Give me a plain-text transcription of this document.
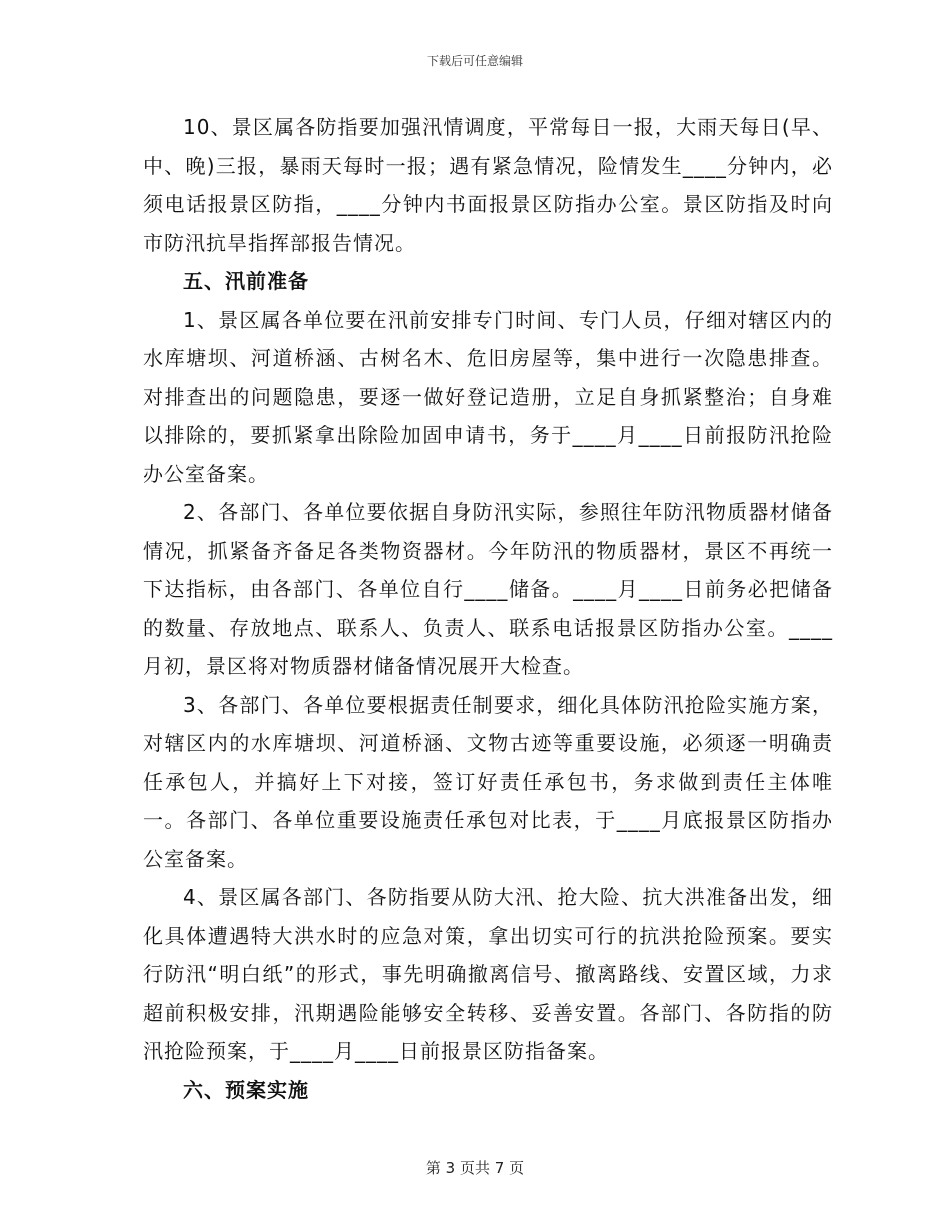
下载后可任意编辑

10、景区属各防指要加强汛情调度，平常每日一报，大雨天每日(早、中、晚)三报，暴雨天每时一报；遇有紧急情况，险情发生____分钟内，必须电话报景区防指，____分钟内书面报景区防指办公室。景区防指及时向市防汛抗旱指挥部报告情况。

五、汛前准备

1、景区属各单位要在汛前安排专门时间、专门人员，仔细对辖区内的水库塘坝、河道桥涵、古树名木、危旧房屋等，集中进行一次隐患排查。对排查出的问题隐患，要逐一做好登记造册，立足自身抓紧整治；自身难以排除的，要抓紧拿出除险加固申请书，务于____月____日前报防汛抢险办公室备案。

2、各部门、各单位要依据自身防汛实际，参照往年防汛物质器材储备情况，抓紧备齐备足各类物资器材。今年防汛的物质器材，景区不再统一下达指标，由各部门、各单位自行____储备。____月____日前务必把储备的数量、存放地点、联系人、负责人、联系电话报景区防指办公室。____月初，景区将对物质器材储备情况展开大检查。

3、各部门、各单位要根据责任制要求，细化具体防汛抢险实施方案，对辖区内的水库塘坝、河道桥涵、文物古迹等重要设施，必须逐一明确责任承包人，并搞好上下对接，签订好责任承包书，务求做到责任主体唯一。各部门、各单位重要设施责任承包对比表，于____月底报景区防指办公室备案。

4、景区属各部门、各防指要从防大汛、抢大险、抗大洪准备出发，细化具体遭遇特大洪水时的应急对策，拿出切实可行的抗洪抢险预案。要实行防汛“明白纸”的形式，事先明确撤离信号、撤离路线、安置区域，力求超前积极安排，汛期遇险能够安全转移、妥善安置。各部门、各防指的防汛抢险预案，于____月____日前报景区防指备案。

六、预案实施

第 3 页共 7 页
